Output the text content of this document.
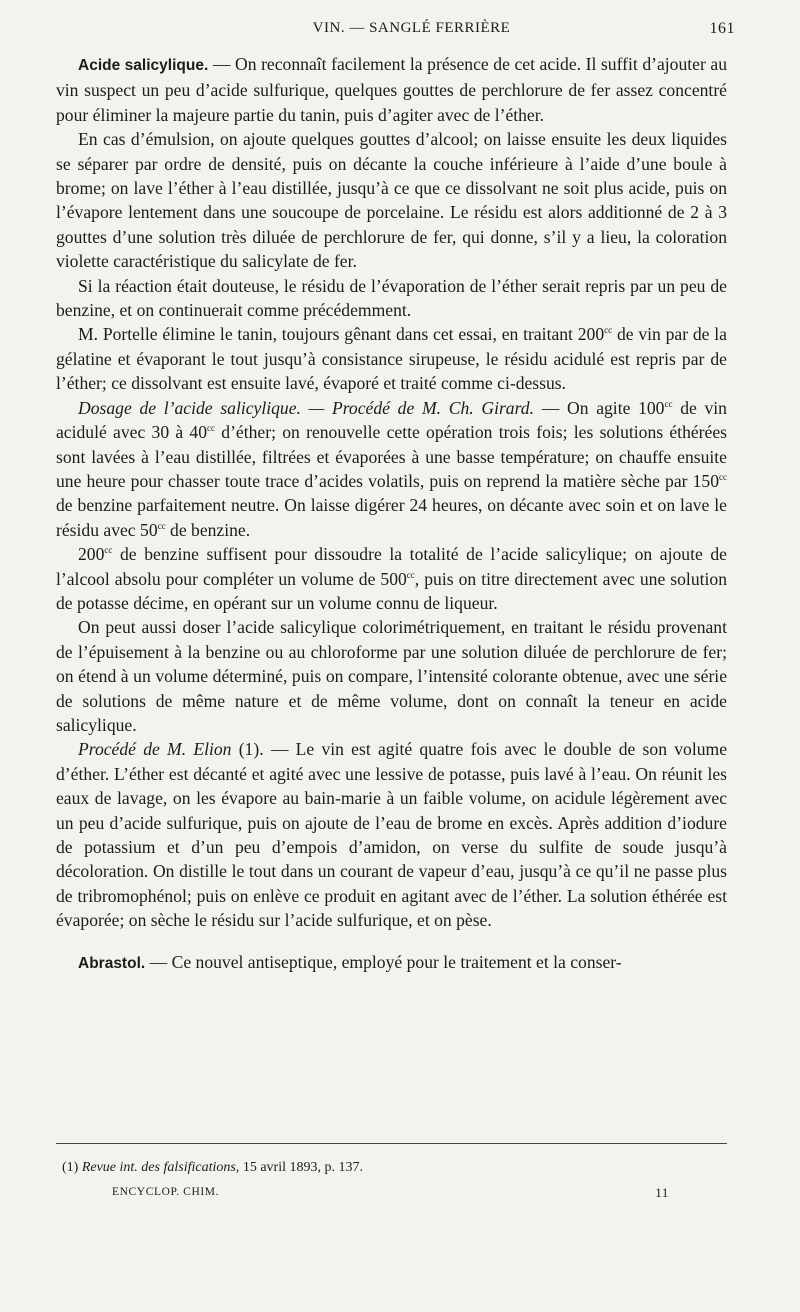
VIN. — SANGLÉ FERRIÈRE	161

Acide salicylique. — On reconnaît facilement la présence de cet acide. Il suffit d’ajouter au vin suspect un peu d’acide sulfurique, quelques gouttes de perchlorure de fer assez concentré pour éliminer la majeure partie du tanin, puis d’agiter avec de l’éther.

En cas d’émulsion, on ajoute quelques gouttes d’alcool; on laisse ensuite les deux liquides se séparer par ordre de densité, puis on décante la couche inférieure à l’aide d’une boule à brome; on lave l’éther à l’eau distillée, jusqu’à ce que ce dissolvant ne soit plus acide, puis on l’évapore lentement dans une soucoupe de porcelaine. Le résidu est alors additionné de 2 à 3 gouttes d’une solution très diluée de perchlorure de fer, qui donne, s’il y a lieu, la coloration violette caractéristique du salicylate de fer.

Si la réaction était douteuse, le résidu de l’évaporation de l’éther serait repris par un peu de benzine, et on continuerait comme précédemment.

M. Portelle élimine le tanin, toujours gênant dans cet essai, en traitant $200^{cc}$ de vin par de la gélatine et évaporant le tout jusqu’à consistance sirupeuse, le résidu acidulé est repris par de l’éther; ce dissolvant est ensuite lavé, évaporé et traité comme ci-dessus.

Dosage de l’acide salicylique. — Procédé de M. Ch. Girard. — On agite $100^{cc}$ de vin acidulé avec 30 à $40^{cc}$ d’éther; on renouvelle cette opération trois fois; les solutions éthérées sont lavées à l’eau distillée, filtrées et évaporées à une basse température; on chauffe ensuite une heure pour chasser toute trace d’acides volatils, puis on reprend la matière sèche par $150^{cc}$ de benzine parfaitement neutre. On laisse digérer 24 heures, on décante avec soin et on lave le résidu avec $50^{cc}$ de benzine.

$200^{cc}$ de benzine suffisent pour dissoudre la totalité de l’acide salicylique; on ajoute de l’alcool absolu pour compléter un volume de $500^{cc}$, puis on titre directement avec une solution de potasse décime, en opérant sur un volume connu de liqueur.

On peut aussi doser l’acide salicylique colorimétriquement, en traitant le résidu provenant de l’épuisement à la benzine ou au chloroforme par une solution diluée de perchlorure de fer; on étend à un volume déterminé, puis on compare, l’intensité colorante obtenue, avec une série de solutions de même nature et de même volume, dont on connaît la teneur en acide salicylique.

Procédé de M. Elion (1). — Le vin est agité quatre fois avec le double de son volume d’éther. L’éther est décanté et agité avec une lessive de potasse, puis lavé à l’eau. On réunit les eaux de lavage, on les évapore au bain-marie à un faible volume, on acidule légèrement avec un peu d’acide sulfurique, puis on ajoute de l’eau de brome en excès. Après addition d’iodure de potassium et d’un peu d’empois d’amidon, on verse du sulfite de soude jusqu’à décoloration. On distille le tout dans un courant de vapeur d’eau, jusqu’à ce qu’il ne passe plus de tribromophénol; puis on enlève ce produit en agitant avec de l’éther. La solution éthérée est évaporée; on sèche le résidu sur l’acide sulfurique, et on pèse.

Abrastol. — Ce nouvel antiseptique, employé pour le traitement et la conser-

(1) Revue int. des falsifications, 15 avril 1893, p. 137.
ENCYCLOP. CHIM.	11
